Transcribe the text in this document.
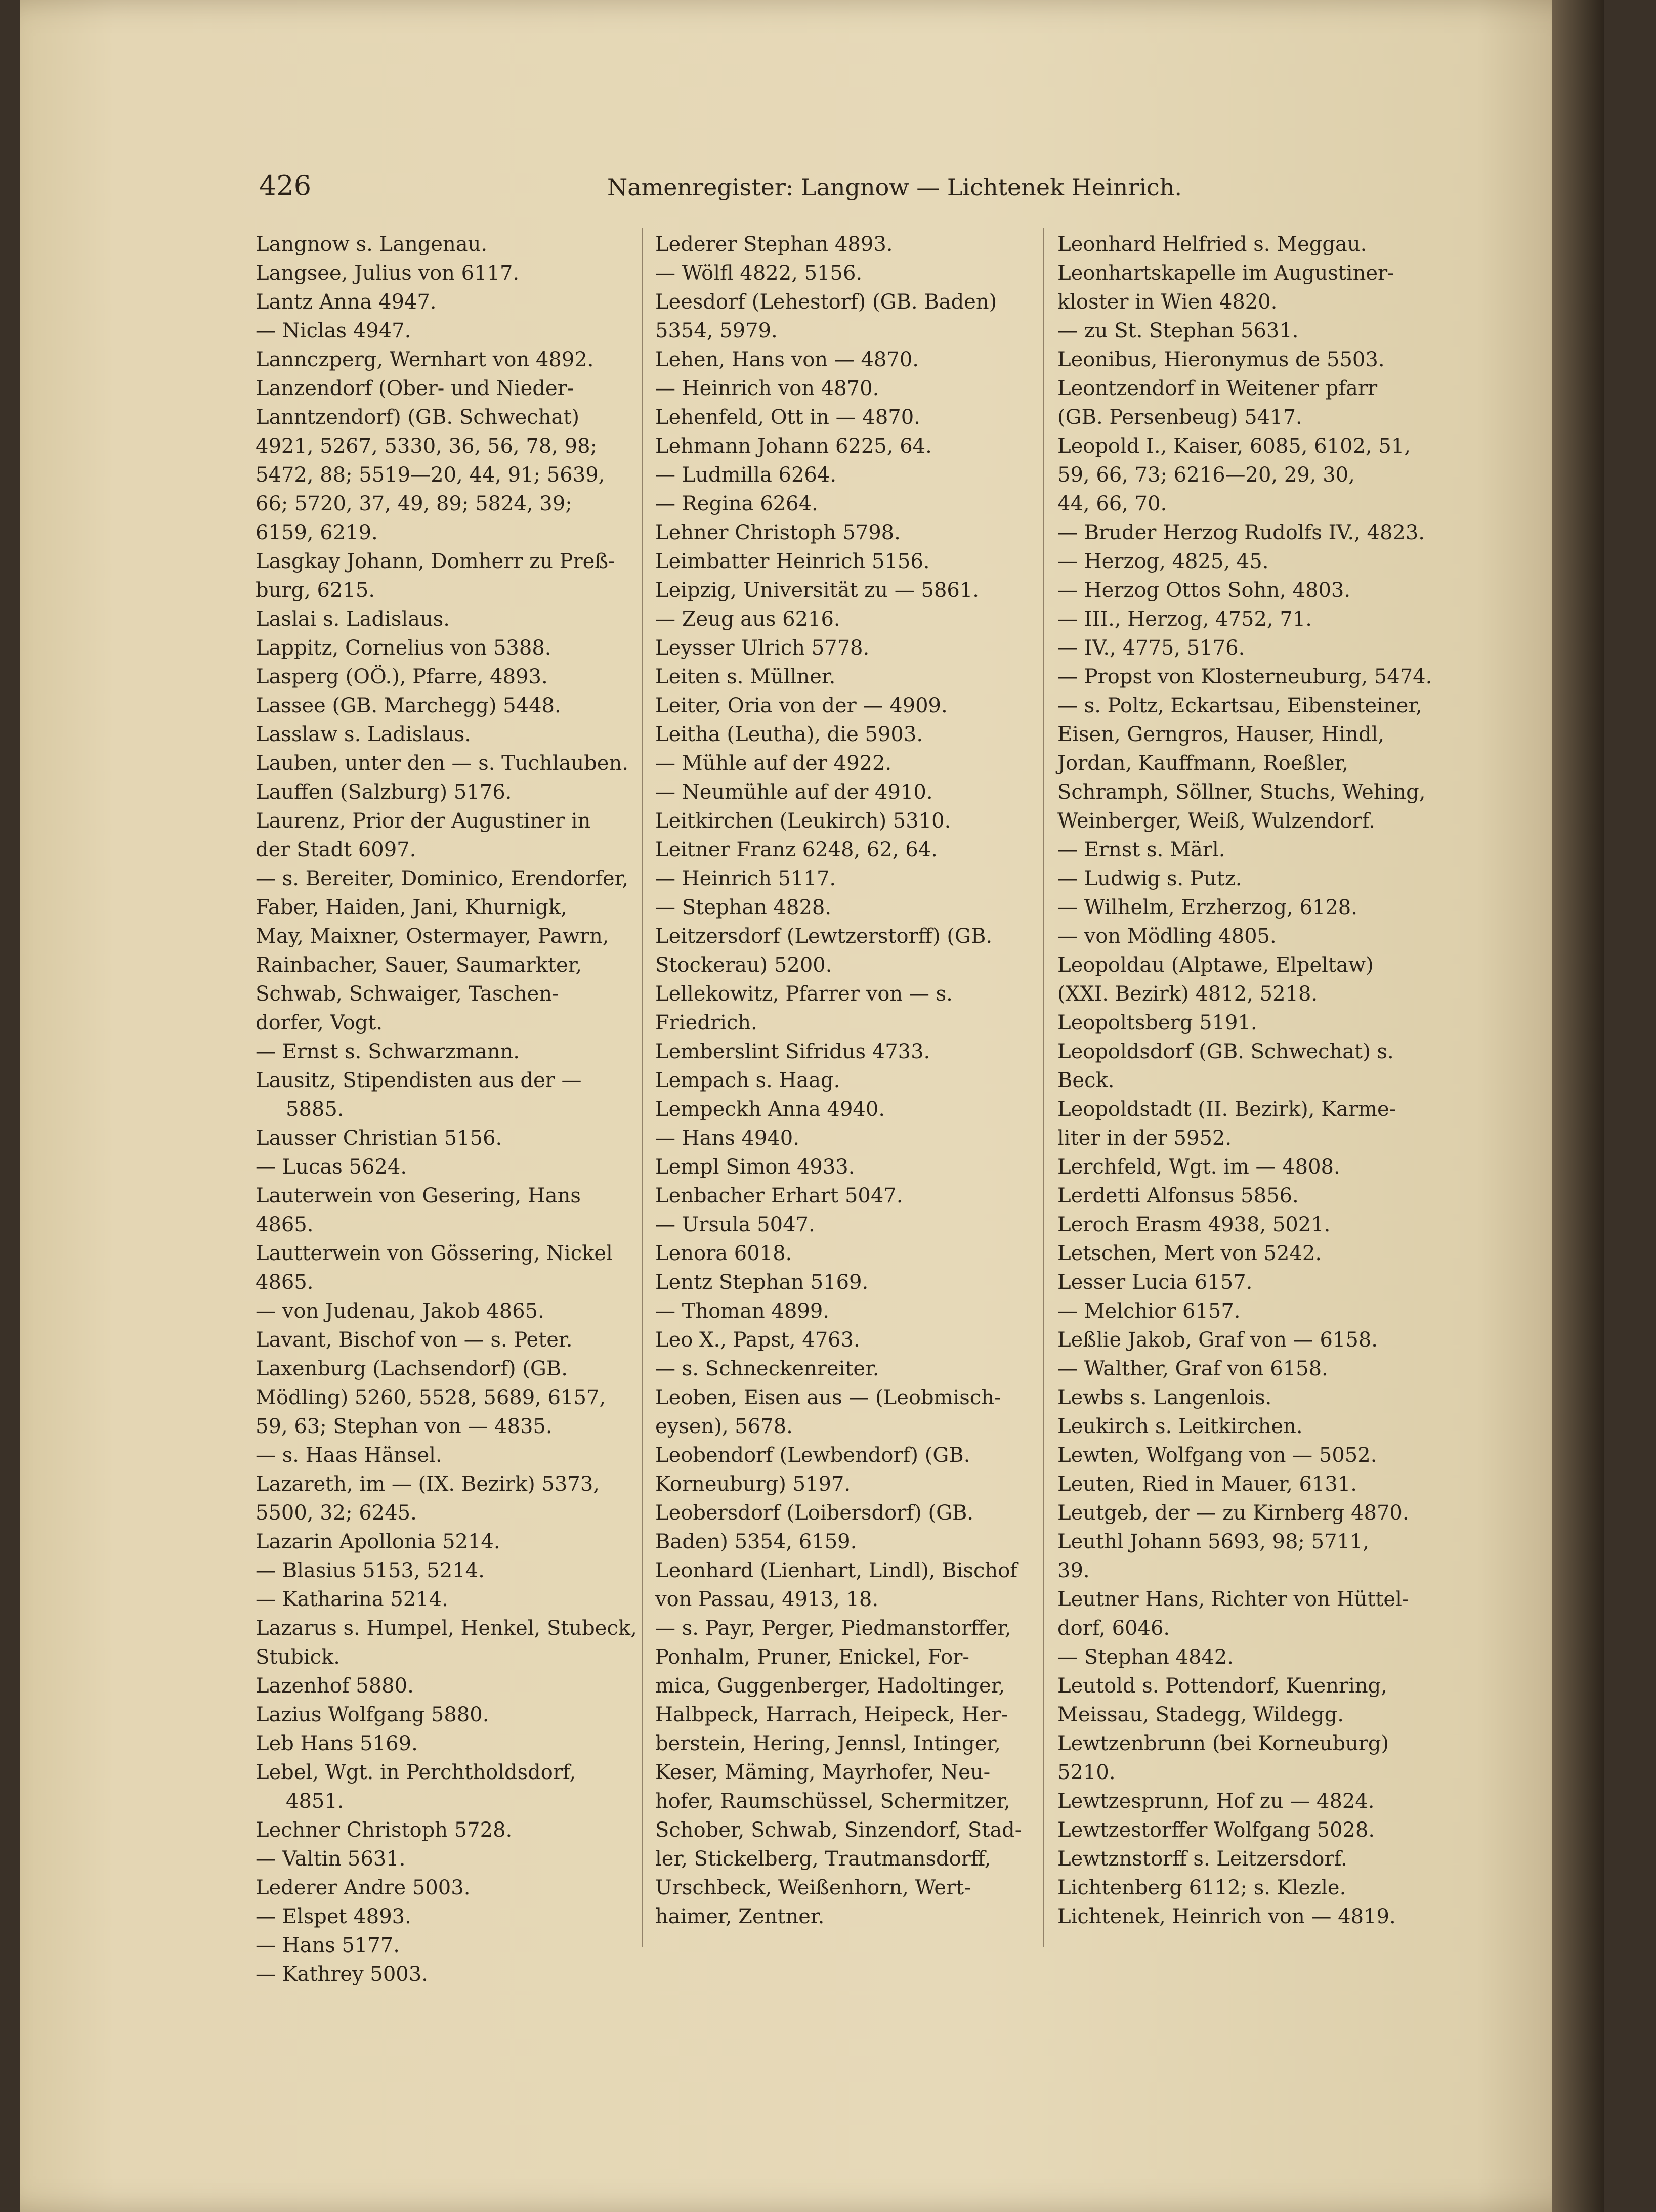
426	Namenregister: Langnow — Lichtenek Heinrich.

Langnow s. Langenau.

Langsee, Julius von 6117.

Lantz Anna 4947.

— Niclas 4947.

Lannczperg, Wernhart von 4892.

Lanzendorf (Ober- und Nieder-
Lanntzendorf) (GB. Schwechat)
4921, 5267, 5330, 36, 56, 78, 98;
5472, 88; 5519—20, 44, 91; 5639,
66; 5720, 37, 49, 89; 5824, 39;
6159, 6219.

Lasgkay Johann, Domherr zu Preß-
burg, 6215.

Laslai s. Ladislaus.

Lappitz, Cornelius von 5388.

Lasperg (OÖ.), Pfarre, 4893.

Lassee (GB. Marchegg) 5448.

Lasslaw s. Ladislaus.

Lauben, unter den — s. Tuchlauben.

Lauffen (Salzburg) 5176.

Laurenz, Prior der Augustiner in
der Stadt 6097.

— s. Bereiter, Dominico, Erendorfer,
Faber, Haiden, Jani, Khurnigk,
May, Maixner, Ostermayer, Pawrn,
Rainbacher, Sauer, Saumarkter,
Schwab, Schwaiger, Taschen-
dorfer, Vogt.

— Ernst s. Schwarzmann.

Lausitz, Stipendisten aus der — 5885.

Lausser Christian 5156.

— Lucas 5624.

Lauterwein von Gesering, Hans
4865.

Lautterwein von Gössering, Nickel
4865.

— von Judenau, Jakob 4865.

Lavant, Bischof von — s. Peter.

Laxenburg (Lachsendorf) (GB.
Mödling) 5260, 5528, 5689, 6157,
59, 63; Stephan von — 4835.

— s. Haas Hänsel.

Lazareth, im — (IX. Bezirk) 5373,
5500, 32; 6245.

Lazarin Apollonia 5214.

— Blasius 5153, 5214.

— Katharina 5214.

Lazarus s. Humpel, Henkel, Stubeck,
Stubick.

Lazenhof 5880.

Lazius Wolfgang 5880.

Leb Hans 5169.

Lebel, Wgt. in Perchtholdsdorf, 4851.

Lechner Christoph 5728.

— Valtin 5631.

Lederer Andre 5003.

— Elspet 4893.

— Hans 5177.

— Kathrey 5003.

Lederer Stephan 4893.

— Wölfl 4822, 5156.

Leesdorf (Lehestorf) (GB. Baden)
5354, 5979.

Lehen, Hans von — 4870.

— Heinrich von 4870.

Lehenfeld, Ott in — 4870.

Lehmann Johann 6225, 64.

— Ludmilla 6264.

— Regina 6264.

Lehner Christoph 5798.

Leimbatter Heinrich 5156.

Leipzig, Universität zu — 5861.

— Zeug aus 6216.

Leysser Ulrich 5778.

Leiten s. Müllner.

Leiter, Oria von der — 4909.

Leitha (Leutha), die 5903.

— Mühle auf der 4922.

— Neumühle auf der 4910.

Leitkirchen (Leukirch) 5310.

Leitner Franz 6248, 62, 64.

— Heinrich 5117.

— Stephan 4828.

Leitzersdorf (Lewtzerstorff) (GB.
Stockerau) 5200.

Lellekowitz, Pfarrer von — s.
Friedrich.

Lemberslint Sifridus 4733.

Lempach s. Haag.

Lempeckh Anna 4940.

— Hans 4940.

Lempl Simon 4933.

Lenbacher Erhart 5047.

— Ursula 5047.

Lenora 6018.

Lentz Stephan 5169.

— Thoman 4899.

Leo X., Papst, 4763.

— s. Schneckenreiter.

Leoben, Eisen aus — (Leobmisch-
eysen), 5678.

Leobendorf (Lewbendorf) (GB.
Korneuburg) 5197.

Leobersdorf (Loibersdorf) (GB.
Baden) 5354, 6159.

Leonhard (Lienhart, Lindl), Bischof
von Passau, 4913, 18.

— s. Payr, Perger, Piedmanstorffer,
Ponhalm, Pruner, Enickel, For-
mica, Guggenberger, Hadoltinger,
Halbpeck, Harrach, Heipeck, Her-
berstein, Hering, Jennsl, Intinger,
Keser, Mäming, Mayrhofer, Neu-
hofer, Raumschüssel, Schermitzer,
Schober, Schwab, Sinzendorf, Stad-
ler, Stickelberg, Trautmansdorff,
Urschbeck, Weißenhorn, Wert-
haimer, Zentner.

Leonhard Helfried s. Meggau.

Leonhartskapelle im Augustiner-
kloster in Wien 4820.

— zu St. Stephan 5631.

Leonibus, Hieronymus de 5503.

Leontzendorf in Weitener pfarr
(GB. Persenbeug) 5417.

Leopold I., Kaiser, 6085, 6102, 51,
59, 66, 73; 6216—20, 29, 30,
44, 66, 70.

— Bruder Herzog Rudolfs IV., 4823.

— Herzog, 4825, 45.

— Herzog Ottos Sohn, 4803.

— III., Herzog, 4752, 71.

— IV., 4775, 5176.

— Propst von Klosterneuburg, 5474.

— s. Poltz, Eckartsau, Eibensteiner,
Eisen, Gerngros, Hauser, Hindl,
Jordan, Kauffmann, Roeßler,
Schramph, Söllner, Stuchs, Wehing,
Weinberger, Weiß, Wulzendorf.

— Ernst s. Märl.

— Ludwig s. Putz.

— Wilhelm, Erzherzog, 6128.

— von Mödling 4805.

Leopoldau (Alptawe, Elpeltaw)
(XXI. Bezirk) 4812, 5218.

Leopoltsberg 5191.

Leopoldsdorf (GB. Schwechat) s.
Beck.

Leopoldstadt (II. Bezirk), Karme-
liter in der 5952.

Lerchfeld, Wgt. im — 4808.

Lerdetti Alfonsus 5856.

Leroch Erasm 4938, 5021.

Letschen, Mert von 5242.

Lesser Lucia 6157.

— Melchior 6157.

Leßlie Jakob, Graf von — 6158.

— Walther, Graf von 6158.

Lewbs s. Langenlois.

Leukirch s. Leitkirchen.

Lewten, Wolfgang von — 5052.

Leuten, Ried in Mauer, 6131.

Leutgeb, der — zu Kirnberg 4870.

Leuthl Johann 5693, 98; 5711,
39.

Leutner Hans, Richter von Hüttel-
dorf, 6046.

— Stephan 4842.

Leutold s. Pottendorf, Kuenring,
Meissau, Stadegg, Wildegg.

Lewtzenbrunn (bei Korneuburg)
5210.

Lewtzesprunn, Hof zu — 4824.

Lewtzestorffer Wolfgang 5028.

Lewtznstorff s. Leitzersdorf.

Lichtenberg 6112; s. Klezle.

Lichtenek, Heinrich von — 4819.
